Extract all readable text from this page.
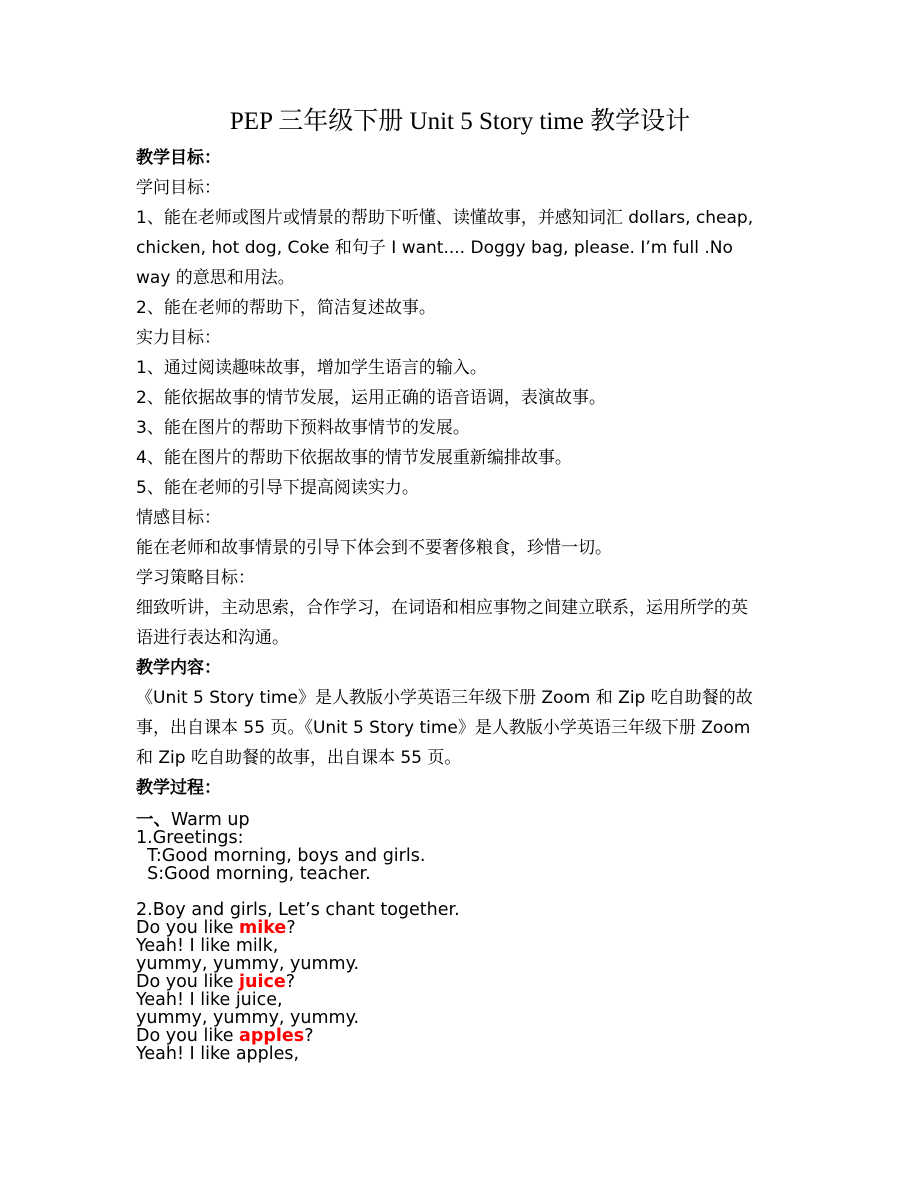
PEP 三年级下册 Unit 5 Story time 教学设计
教学目标：
学问目标：
1、能在老师或图片或情景的帮助下听懂、读懂故事，并感知词汇 dollars, cheap,
chicken, hot dog, Coke 和句子 I want.... Doggy bag, please. I’m full .No
way 的意思和用法。
2、能在老师的帮助下，简洁复述故事。
实力目标：
1、通过阅读趣味故事，增加学生语言的输入。
2、能依据故事的情节发展，运用正确的语音语调，表演故事。
3、能在图片的帮助下预料故事情节的发展。
4、能在图片的帮助下依据故事的情节发展重新编排故事。
5、能在老师的引导下提高阅读实力。
情感目标：
能在老师和故事情景的引导下体会到不要奢侈粮食，珍惜一切。
学习策略目标：
细致听讲，主动思索，合作学习，在词语和相应事物之间建立联系，运用所学的英
语进行表达和沟通。
教学内容：
《Unit 5 Story time》是人教版小学英语三年级下册 Zoom 和 Zip 吃自助餐的故
事，出自课本 55 页。《Unit 5 Story time》是人教版小学英语三年级下册 Zoom
和 Zip 吃自助餐的故事，出自课本 55 页。
教学过程：
一、Warm up
1.Greetings:
T:Good morning, boys and girls.
S:Good morning, teacher.
2.Boy and girls, Let’s chant together.
Do you like mike?
Yeah! I like milk,
yummy, yummy, yummy.
Do you like juice?
Yeah! I like juice,
yummy, yummy, yummy.
Do you like apples?
Yeah! I like apples,
